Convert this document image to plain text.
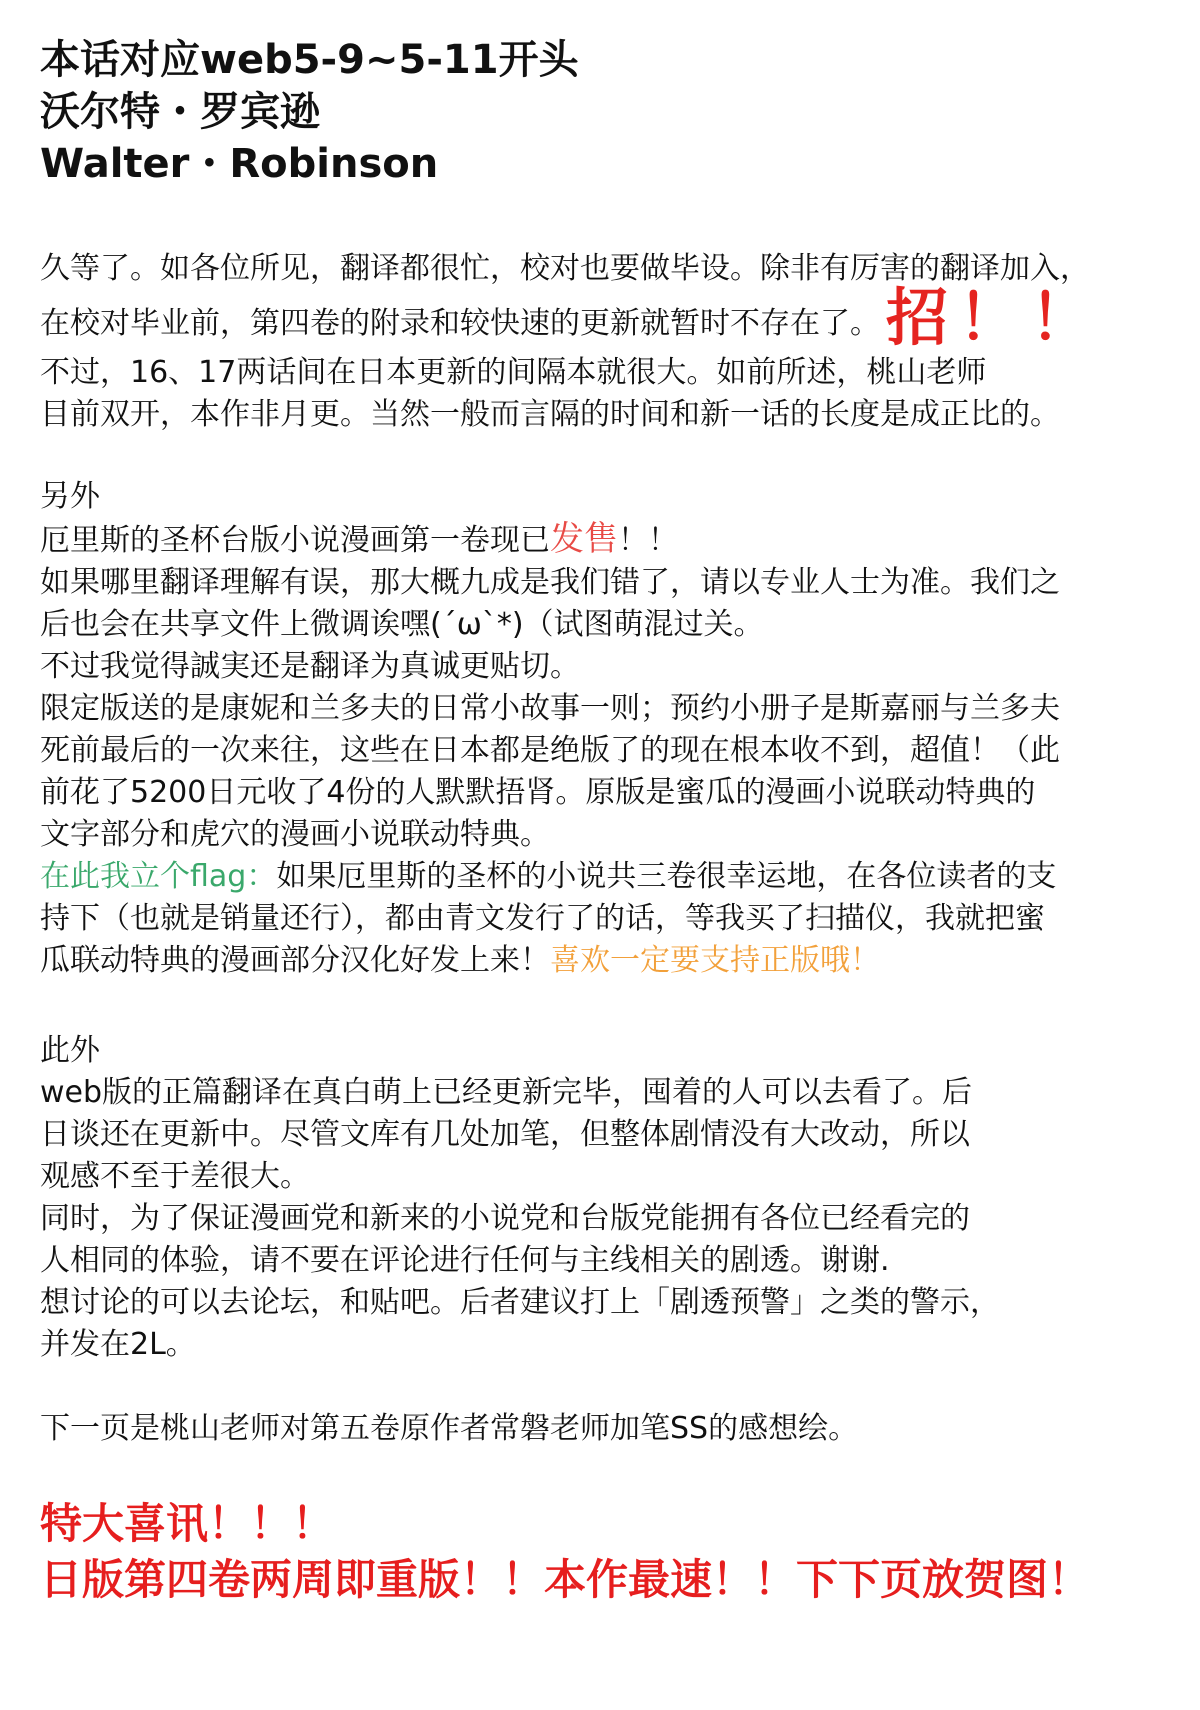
本话对应web5-9~5-11开头
沃尔特・罗宾逊
Walter・Robinson
久等了。如各位所见，翻译都很忙，校对也要做毕设。除非有厉害的翻译加入，
在校对毕业前，第四卷的附录和较快速的更新就暂时不存在了。招！！
不过，16、17两话间在日本更新的间隔本就很大。如前所述，桃山老师
目前双开，本作非月更。当然一般而言隔的时间和新一话的长度是成正比的。
另外
厄里斯的圣杯台版小说漫画第一卷现已发售！！
如果哪里翻译理解有误，那大概九成是我们错了，请以专业人士为准。我们之
后也会在共享文件上微调诶嘿(´ω`*)（试图萌混过关。
不过我觉得誠実还是翻译为真诚更贴切。
限定版送的是康妮和兰多夫的日常小故事一则；预约小册子是斯嘉丽与兰多夫
死前最后的一次来往，这些在日本都是绝版了的现在根本收不到，超值！（此
前花了5200日元收了4份的人默默捂肾。原版是蜜瓜的漫画小说联动特典的
文字部分和虎穴的漫画小说联动特典。
在此我立个flag：如果厄里斯的圣杯的小说共三卷很幸运地，在各位读者的支
持下（也就是销量还行），都由青文发行了的话，等我买了扫描仪，我就把蜜
瓜联动特典的漫画部分汉化好发上来！喜欢一定要支持正版哦！
此外
web版的正篇翻译在真白萌上已经更新完毕，囤着的人可以去看了。后
日谈还在更新中。尽管文库有几处加笔，但整体剧情没有大改动，所以
观感不至于差很大。
同时，为了保证漫画党和新来的小说党和台版党能拥有各位已经看完的
人相同的体验，请不要在评论进行任何与主线相关的剧透。谢谢.
想讨论的可以去论坛，和贴吧。后者建议打上「剧透预警」之类的警示，
并发在2L。
下一页是桃山老师对第五卷原作者常磐老师加笔SS的感想绘。
特大喜讯！！！
日版第四卷两周即重版！！本作最速！！下下页放贺图！
